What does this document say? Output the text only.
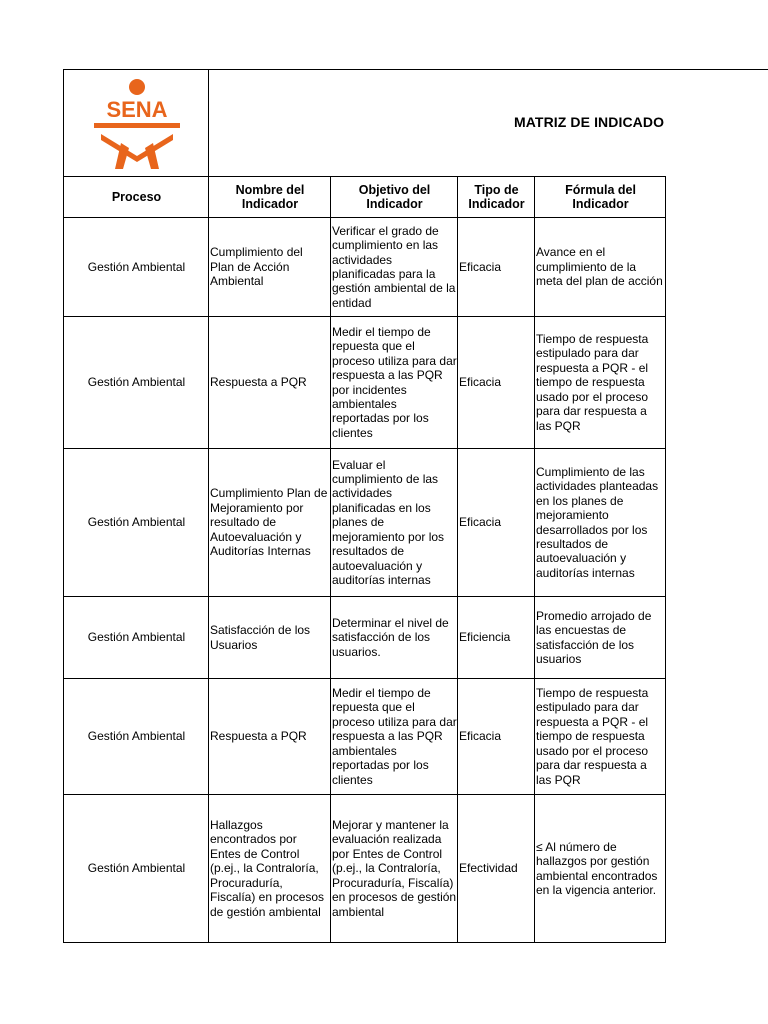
SENA	MATRIZ DE INDICADO			
Proceso	Nombre del Indicador	Objetivo del Indicador	Tipo de Indicador	Fórmula del Indicador
Gestión Ambiental	Cumplimiento del Plan de Acción Ambiental	Verificar el grado de cumplimiento en las actividades planificadas para la gestión ambiental de la entidad	Eficacia	Avance en el cumplimiento de la meta del plan de acción
Gestión Ambiental	Respuesta a PQR	Medir el tiempo de repuesta que el proceso utiliza para dar respuesta a las PQR por incidentes ambientales reportadas por los clientes	Eficacia	Tiempo de respuesta estipulado para dar respuesta a PQR - el tiempo de respuesta usado por el proceso para dar respuesta a las PQR
Gestión Ambiental	Cumplimiento Plan de Mejoramiento por resultado de Autoevaluación y Auditorías Internas	Evaluar el cumplimiento de las actividades planificadas en los planes de mejoramiento por los resultados de autoevaluación y auditorías internas	Eficacia	Cumplimiento de las actividades planteadas en los planes de mejoramiento desarrollados por los resultados de autoevaluación y auditorías internas
Gestión Ambiental	Satisfacción de los Usuarios	Determinar el nivel de satisfacción de los usuarios.	Eficiencia	Promedio arrojado de las encuestas de satisfacción de los usuarios
Gestión Ambiental	Respuesta a PQR	Medir el tiempo de repuesta que el proceso utiliza para dar respuesta a las PQR ambientales reportadas por los clientes	Eficacia	Tiempo de respuesta estipulado para dar respuesta a PQR - el tiempo de respuesta usado por el proceso para dar respuesta a las PQR
Gestión Ambiental	Hallazgos encontrados por Entes de Control (p.ej., la Contraloría, Procuraduría, Fiscalía) en procesos de gestión ambiental	Mejorar y mantener la evaluación realizada por Entes de Control (p.ej., la Contraloría, Procuraduría, Fiscalía) en procesos de gestión ambiental	Efectividad	≤ Al número de hallazgos por gestión ambiental encontrados en la vigencia anterior.
